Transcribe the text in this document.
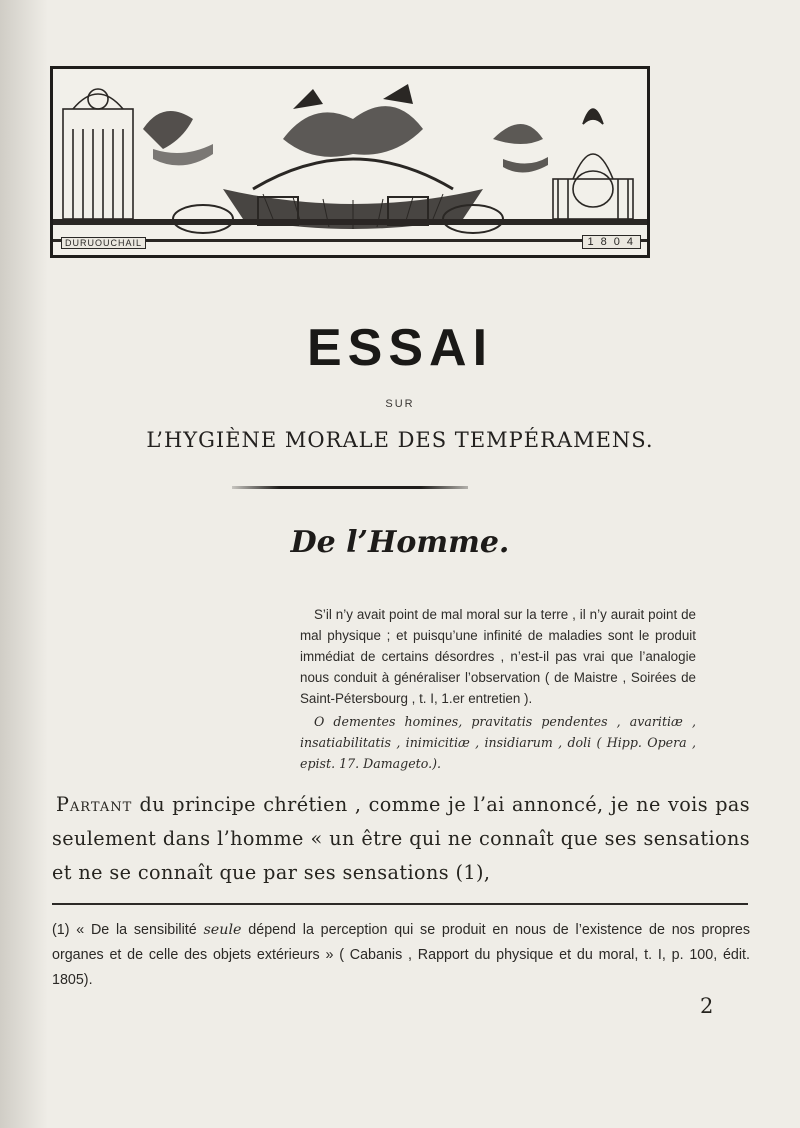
DURUOUCHAIL	1804
ESSAI
SUR
L’HYGIÈNE MORALE DES TEMPÉRAMENS.
De l’Homme.

S’il n’y avait point de mal moral sur la terre , il n’y aurait point de mal physique ; et puisqu’une infinité de maladies sont le produit immédiat de certains désordres , n’est-il pas vrai que l’analogie nous conduit à généraliser l’observation ( de Maistre , Soirées de Saint-Pétersbourg , t. I, 1.er entretien ).

O dementes homines, pravitatis pendentes , avaritiæ , insatiabilitatis , inimicitiæ , insidiarum , doli ( Hipp. Opera , epist. 17. Damageto.).

Partant du principe chrétien , comme je l’ai annoncé, je ne vois pas seulement dans l’homme « un être qui ne connaît que ses sensations et ne se connaît que par ses sensations (1),

(1) « De la sensibilité seule dépend la perception qui se produit en nous de l’existence de nos propres organes et de celle des objets extérieurs » ( Cabanis , Rapport du physique et du moral, t. I, p. 100, édit. 1805).

2
